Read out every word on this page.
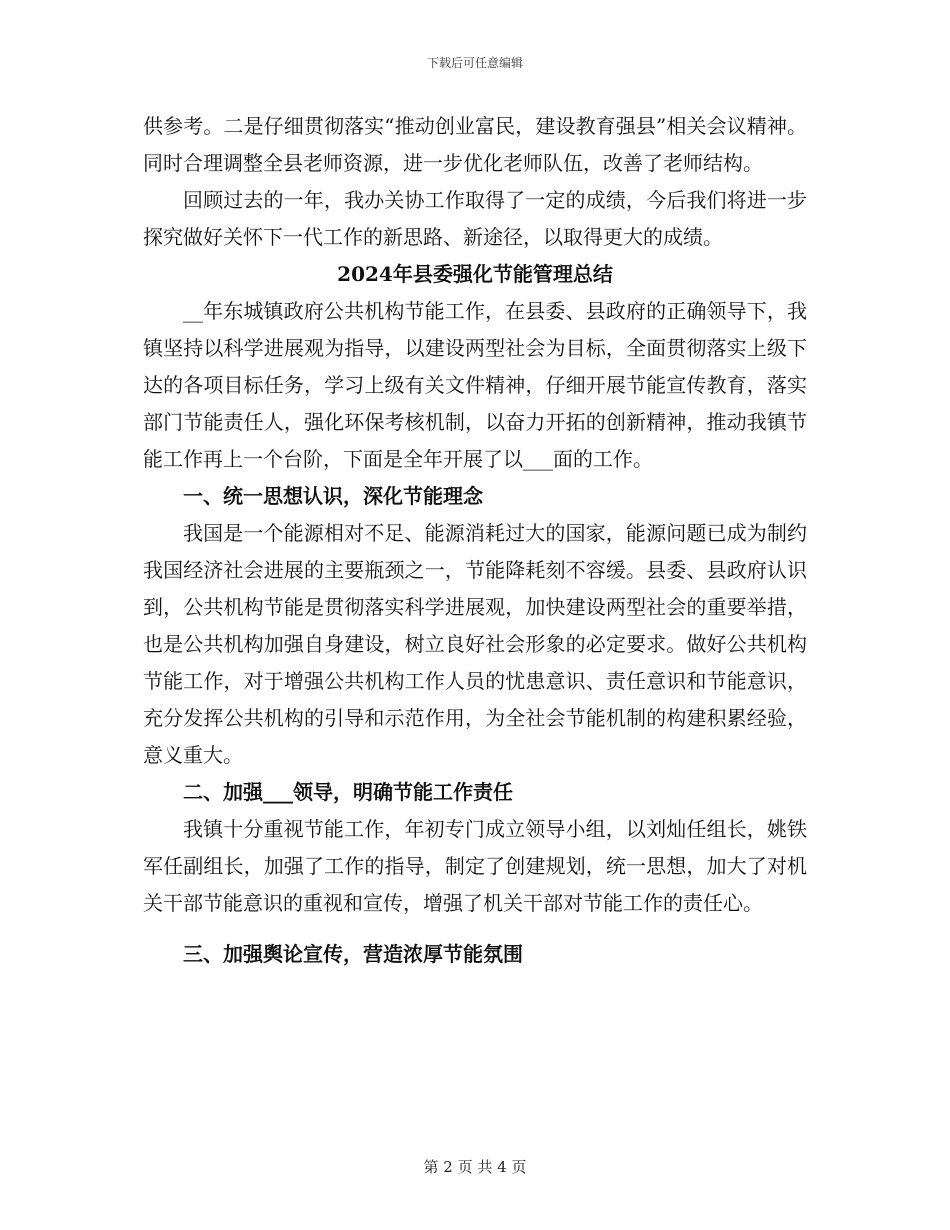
下载后可任意编辑

供参考。二是仔细贯彻落实“推动创业富民，建设教育强县”相关会议精神。同时合理调整全县老师资源，进一步优化老师队伍，改善了老师结构。

回顾过去的一年，我办关协工作取得了一定的成绩，今后我们将进一步探究做好关怀下一代工作的新思路、新途径，以取得更大的成绩。

2024年县委强化节能管理总结

__年东城镇政府公共机构节能工作，在县委、县政府的正确领导下，我镇坚持以科学进展观为指导，以建设两型社会为目标，全面贯彻落实上级下达的各项目标任务，学习上级有关文件精神，仔细开展节能宣传教育，落实部门节能责任人，强化环保考核机制，以奋力开拓的创新精神，推动我镇节能工作再上一个台阶，下面是全年开展了以___面的工作。

一、统一思想认识，深化节能理念

我国是一个能源相对不足、能源消耗过大的国家，能源问题已成为制约我国经济社会进展的主要瓶颈之一，节能降耗刻不容缓。县委、县政府认识到，公共机构节能是贯彻落实科学进展观，加快建设两型社会的重要举措，也是公共机构加强自身建设，树立良好社会形象的必定要求。做好公共机构节能工作，对于增强公共机构工作人员的忧患意识、责任意识和节能意识，充分发挥公共机构的引导和示范作用，为全社会节能机制的构建积累经验，意义重大。

二、加强___领导，明确节能工作责任

我镇十分重视节能工作，年初专门成立领导小组，以刘灿任组长，姚铁军任副组长，加强了工作的指导，制定了创建规划，统一思想，加大了对机关干部节能意识的重视和宣传，增强了机关干部对节能工作的责任心。

三、加强舆论宣传，营造浓厚节能氛围

第 2 页 共 4 页
